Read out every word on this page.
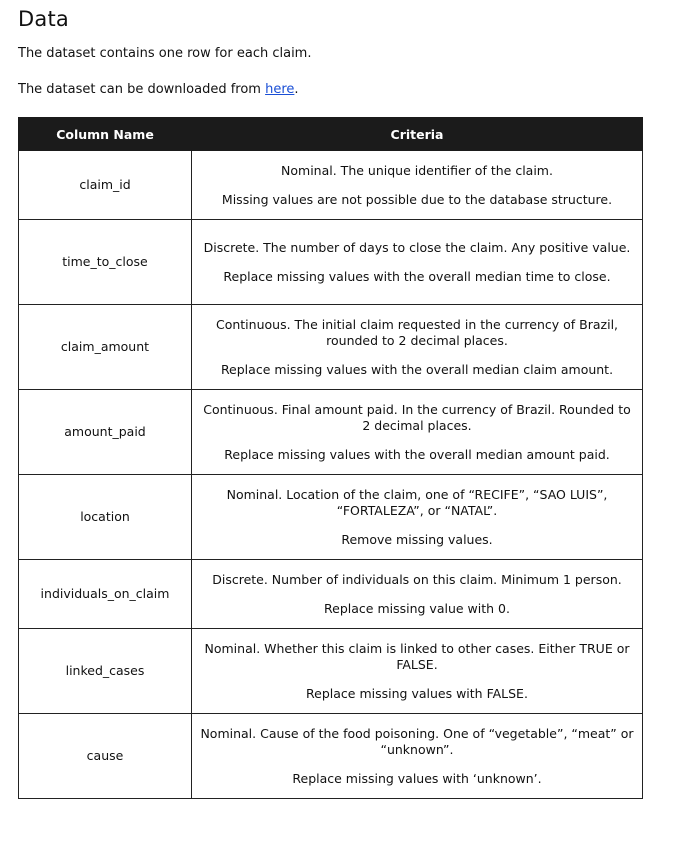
Data

The dataset contains one row for each claim.

The dataset can be downloaded from here.

Column Name	Criteria
claim_id	Nominal. The unique identifier of the claim.
Missing values are not possible due to the database structure.

time_to_close	Discrete. The number of days to close the claim. Any positive value.
Replace missing values with the overall median time to close.

claim_amount	Continuous. The initial claim requested in the currency of Brazil, rounded to 2 decimal places.
Replace missing values with the overall median claim amount.

amount_paid	Continuous. Final amount paid. In the currency of Brazil. Rounded to 2 decimal places.
Replace missing values with the overall median amount paid.

location	Nominal. Location of the claim, one of “RECIFE”, “SAO LUIS”, “FORTALEZA”, or “NATAL”.
Remove missing values.

individuals_on_claim	Discrete. Number of individuals on this claim. Minimum 1 person.
Replace missing value with 0.

linked_cases	Nominal. Whether this claim is linked to other cases. Either TRUE or FALSE.
Replace missing values with FALSE.

cause	Nominal. Cause of the food poisoning. One of “vegetable”, “meat” or “unknown”.
Replace missing values with ‘unknown’.
